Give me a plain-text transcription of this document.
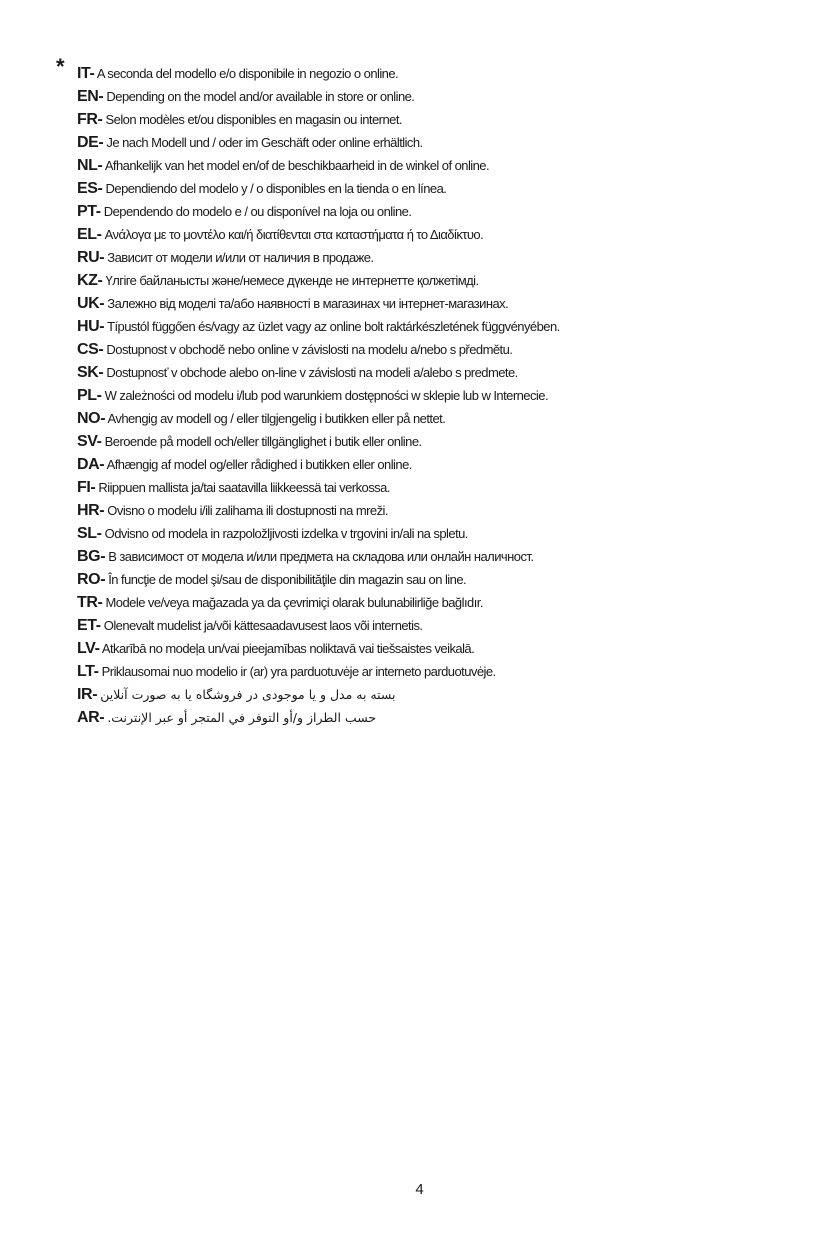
* IT- A seconda del modello e/o disponibile in negozio o online.
EN- Depending on the model and/or available in store or online.
FR- Selon modèles et/ou disponibles en magasin ou internet.
DE- Je nach Modell und / oder im Geschäft oder online erhältlich.
NL- Afhankelijk van het model en/of de beschikbaarheid in de winkel of online.
ES- Dependiendo del modelo y / o disponibles en la tienda o en línea.
PT- Dependendo do modelo e / ou disponível na loja ou online.
EL- Ανάλογα με το μοντέλο και/ή διατίθενται στα καταστήματα ή το Διαδίκτυο.
RU- Зависит от модели и/или от наличия в продаже.
KZ- Үлгіге байланысты және/немесе дүкенде не интернетте қолжетімді.
UK- Залежно від моделі та/або наявності в магазинах чи інтернет-магазинах.
HU- Típustól függően és/vagy az üzlet vagy az online bolt raktárkészletének függvényében.
CS- Dostupnost v obchodě nebo online v závislosti na modelu a/nebo s předmětu.
SK- Dostupnosť v obchode alebo on-line v závislosti na modeli a/alebo s predmete.
PL- W zależności od modelu i/lub pod warunkiem dostępności w sklepie lub w Internecie.
NO- Avhengig av modell og / eller tilgjengelig i butikken eller på nettet.
SV- Beroende på modell och/eller tillgänglighet i butik eller online.
DA- Afhængig af model og/eller rådighed i butikken eller online.
FI- Riippuen mallista ja/tai saatavilla liikkeessä tai verkossa.
HR- Ovisno o modelu i/ili zalihama ili dostupnosti na mreži.
SL- Odvisno od modela in razpoložljivosti izdelka v trgovini in/ali na spletu.
BG- В зависимост от модела и/или предмета на складова или онлайн наличност.
RO- În funcţie de model şi/sau de disponibilităţile din magazin sau on line.
TR- Modele ve/veya mağazada ya da çevrimiçi olarak bulunabilirliğe bağlıdır.
ET- Olenevalt mudelist ja/või kättesaadavusest laos või internetis.
LV- Atkarībā no modeļa un/vai pieejamības noliktavā vai tiešsaistes veikalā.
LT- Priklausomai nuo modelio ir (ar) yra parduotuvėje ar interneto parduotuvėje.
IR- بسته به مدل و یا موجودی در فروشگاه یا به صورت آنلاین
AR- حسب الطراز و/أو التوفر في المتجر أو عبر الإنترنت.
4
